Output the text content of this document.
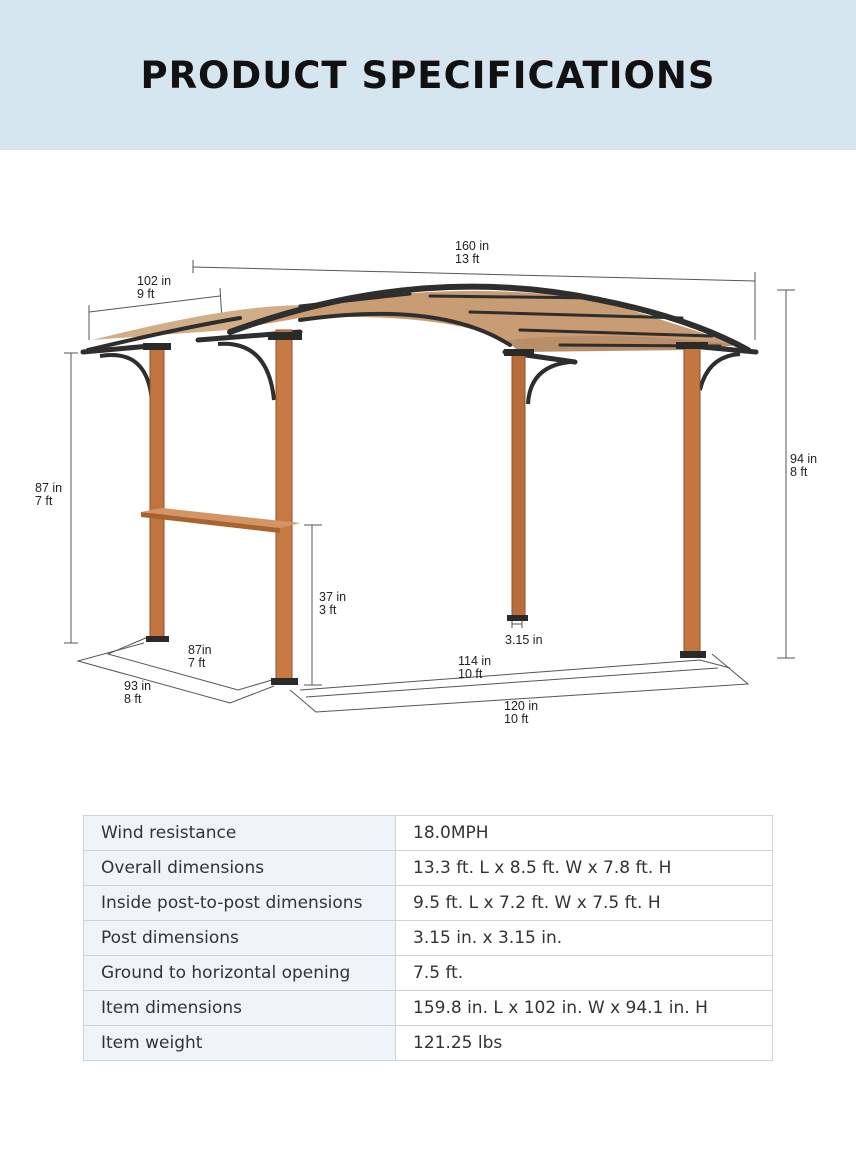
PRODUCT SPECIFICATIONS
160 in
13 ft
102 in
9 ft
87 in
7 ft
94 in
8 ft
37 in
3 ft
3.15 in
87in
7 ft
93 in
8 ft
114 in
10 ft
120 in
10 ft
Wind resistance	18.0MPH
Overall dimensions	13.3 ft. L x 8.5 ft. W x 7.8 ft. H
Inside post-to-post dimensions	9.5 ft. L x 7.2 ft. W x 7.5 ft. H
Post dimensions	3.15 in. x 3.15 in.
Ground to horizontal opening	7.5 ft.
Item dimensions	159.8 in. L x 102 in. W x 94.1 in. H
Item weight	121.25 lbs
